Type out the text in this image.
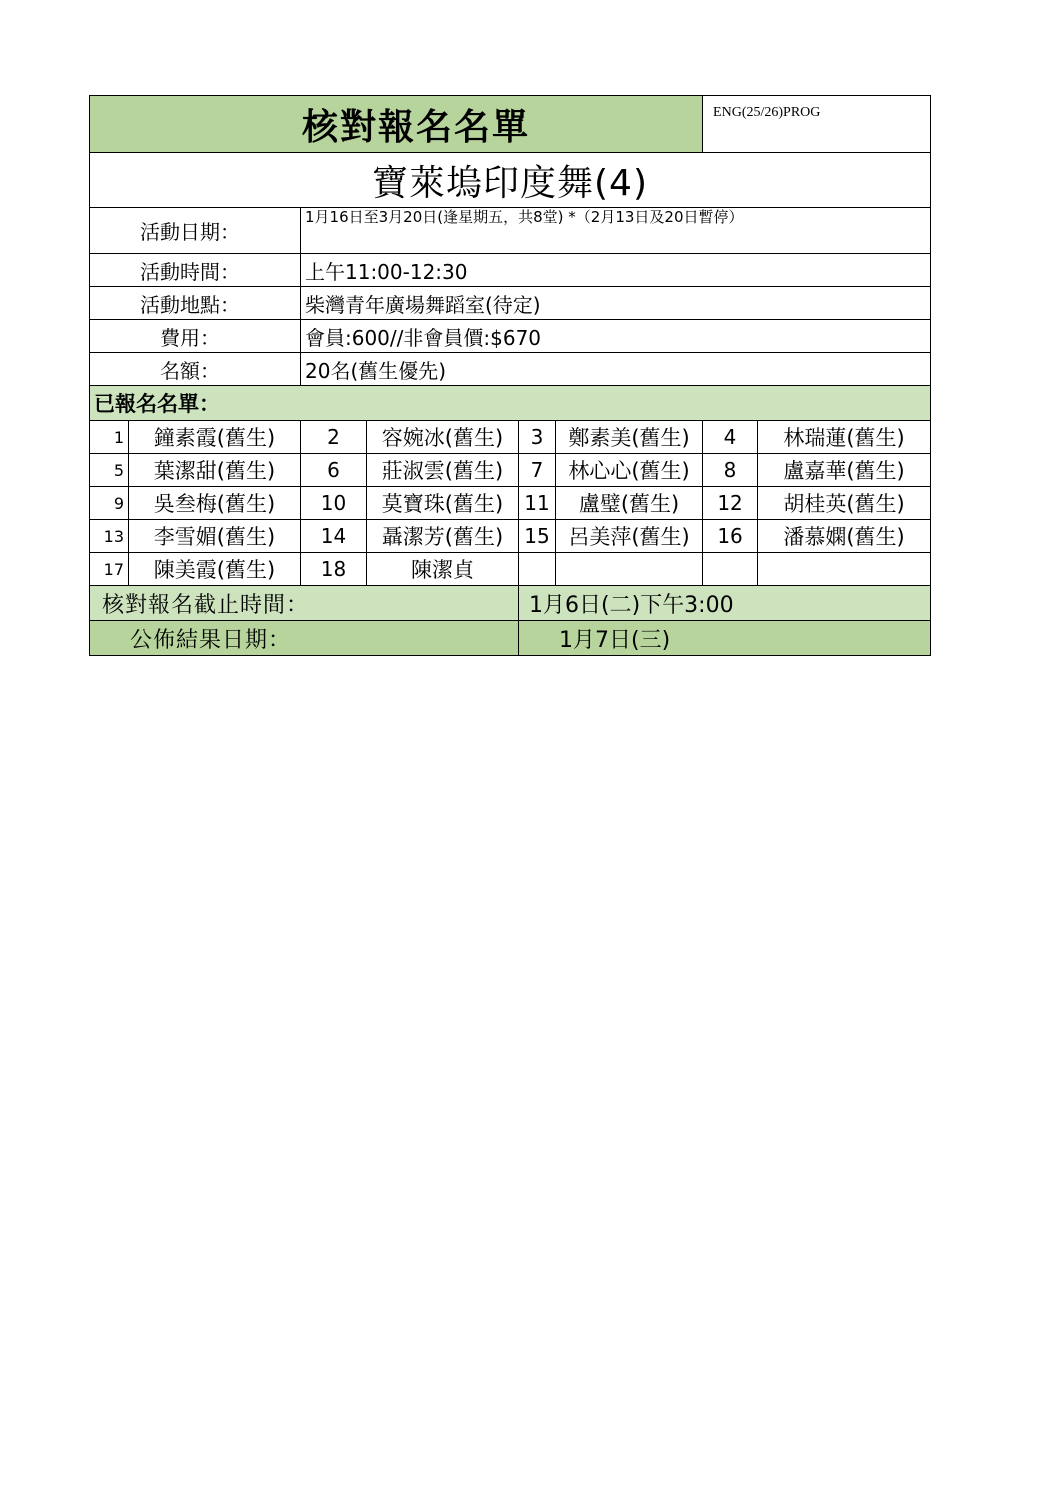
核對報名名單						ENG(25/26)PROG	
寶萊塢印度舞(4)							
活動日期：		1月16日至3月20日(逢星期五，共8堂) *（2月13日及20日暫停）					
活動時間：		上午11:00-12:30					
活動地點：		柴灣青年廣場舞蹈室(待定)					
費用：		會員:600//非會員價:$670					
名額：		20名(舊生優先)					
已報名名單：							
1	鐘素霞(舊生)	2	容婉冰(舊生)	3	鄭素美(舊生)	4	林瑞蓮(舊生)
5	葉潔甜(舊生)	6	莊淑雲(舊生)	7	林心心(舊生)	8	盧嘉華(舊生)
9	吳叁梅(舊生)	10	莫寶珠(舊生)	11	盧璧(舊生)	12	胡桂英(舊生)
13	李雪媚(舊生)	14	聶潔芳(舊生)	15	呂美萍(舊生)	16	潘慕嫻(舊生)
17	陳美霞(舊生)	18	陳潔貞				
核對報名截止時間：				1月6日(二)下午3:00			
公佈結果日期：				1月7日(三)			
